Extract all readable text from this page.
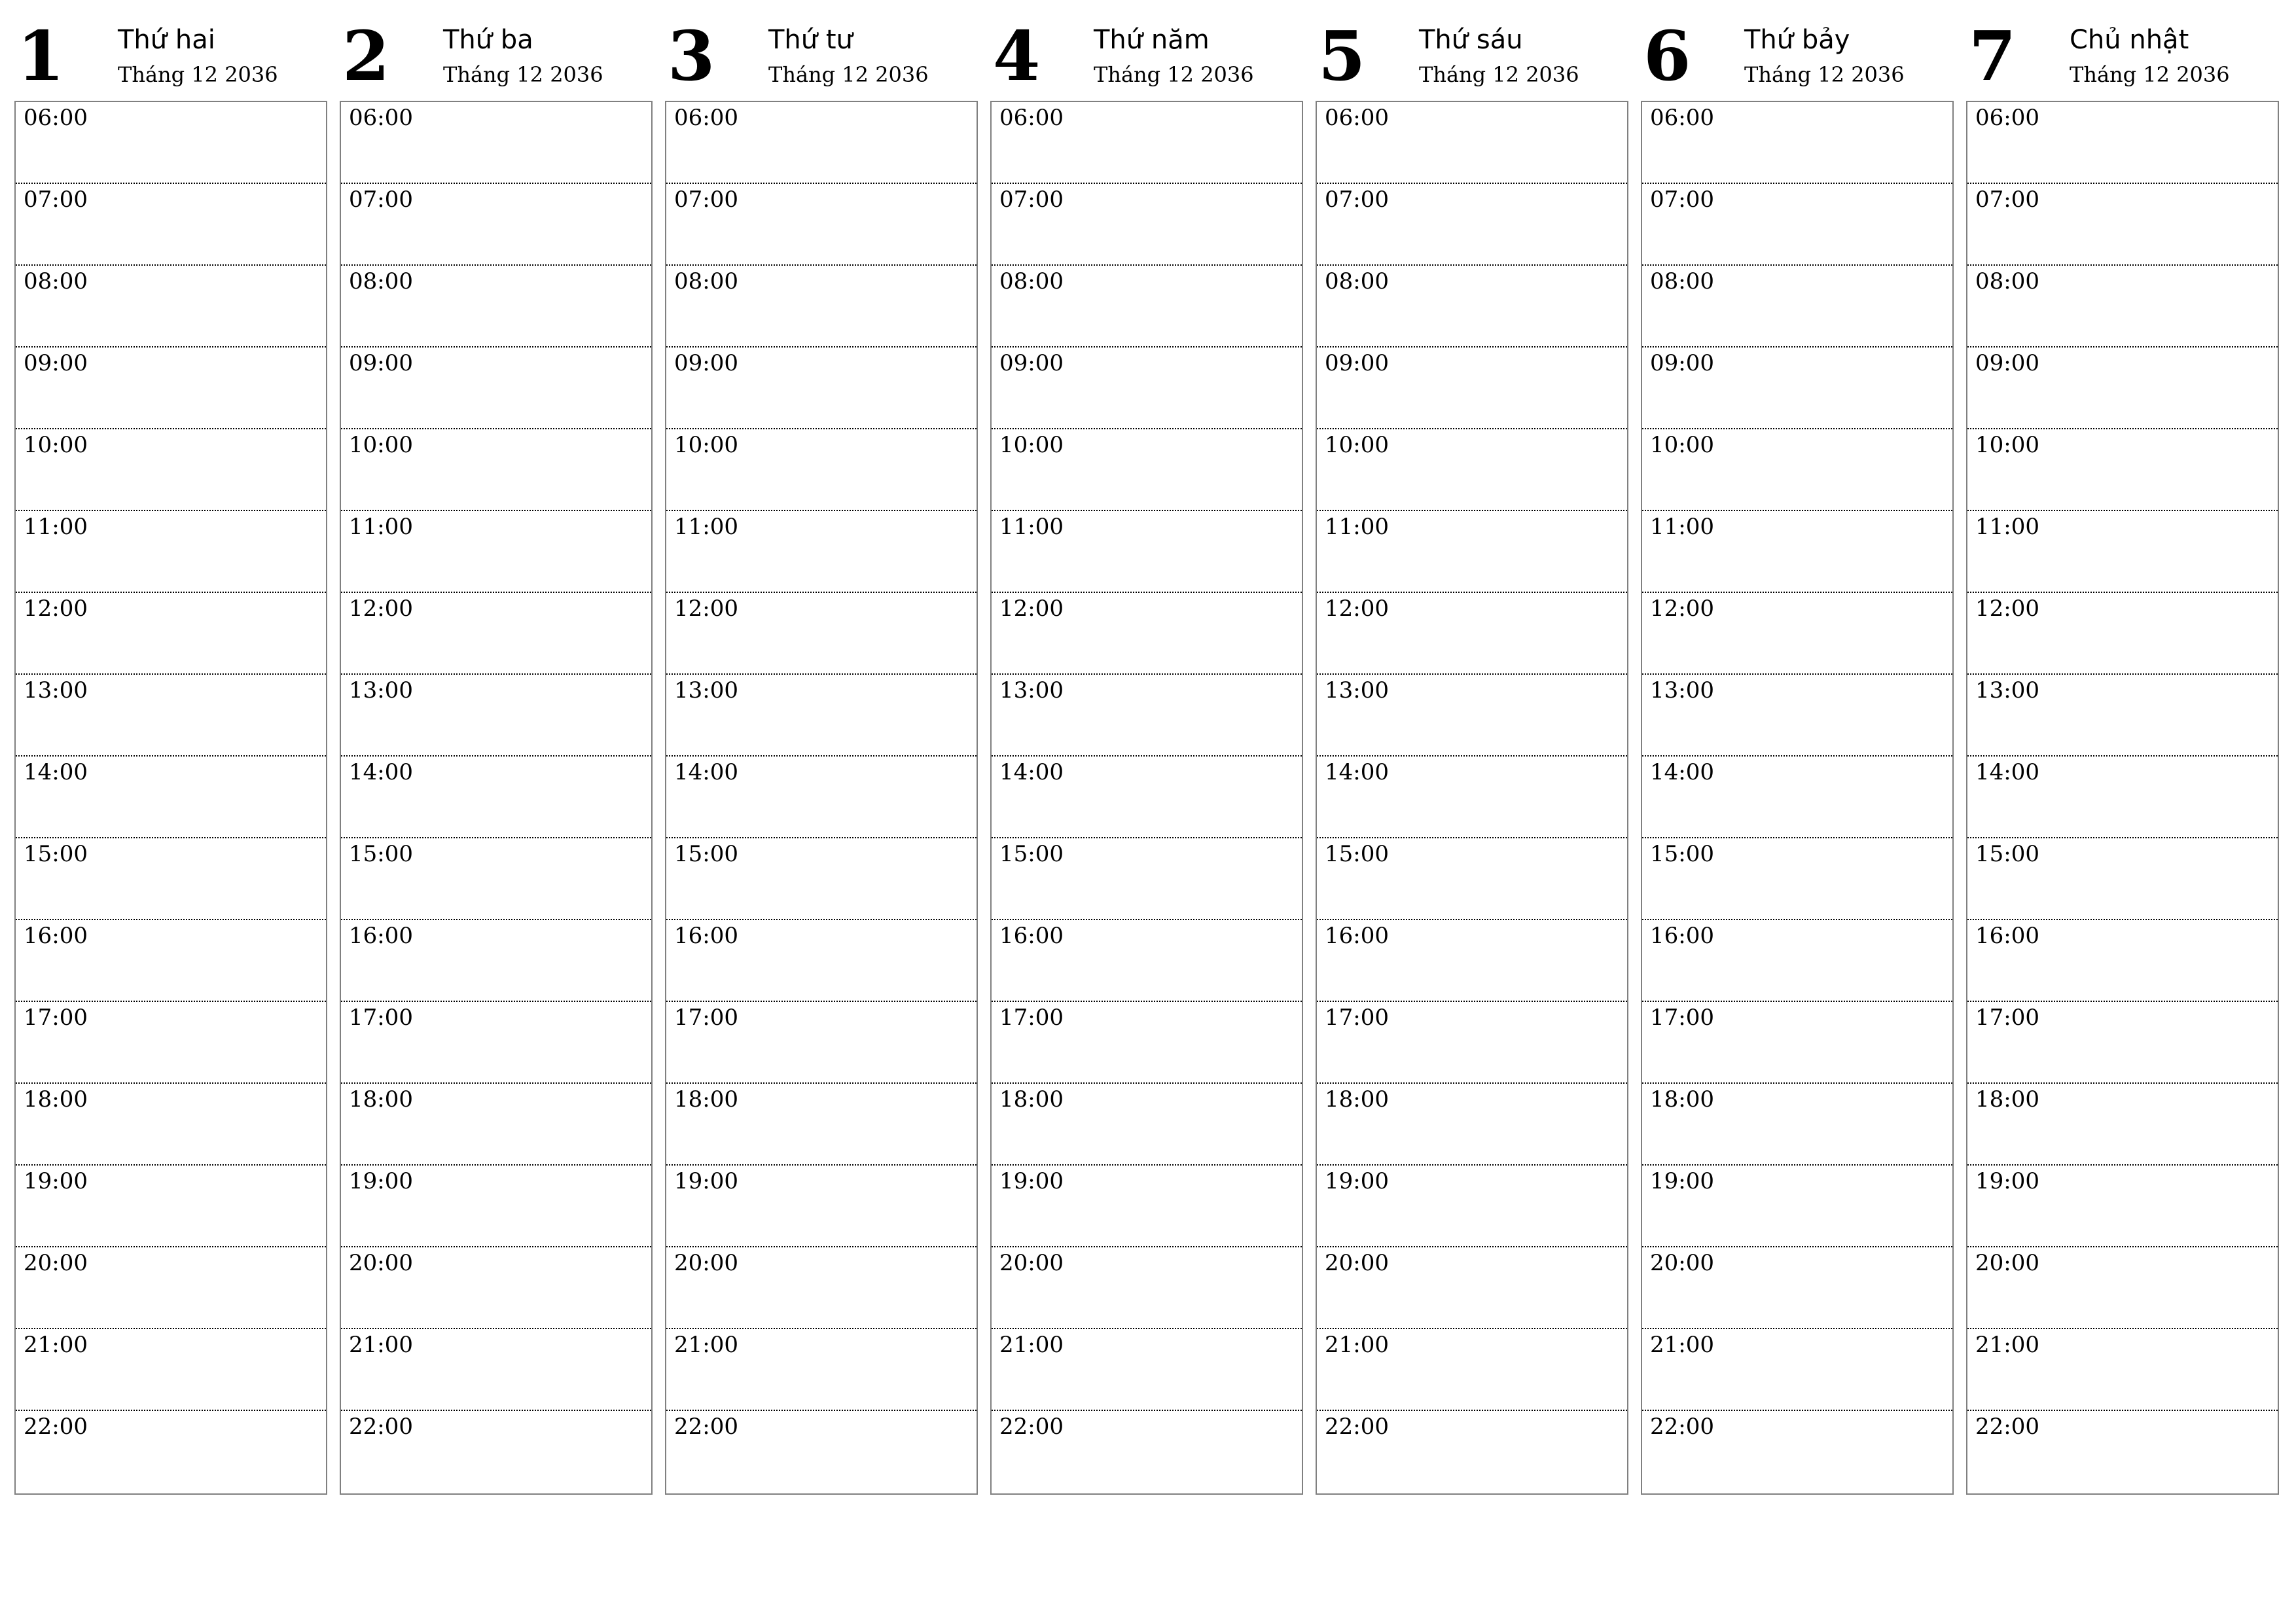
1 Thứ hai
Tháng 12 2036
06:00
07:00
08:00
09:00
10:00
11:00
12:00
13:00
14:00
15:00
16:00
17:00
18:00
19:00
20:00
21:00
22:00
2 Thứ ba
Tháng 12 2036
06:00
07:00
08:00
09:00
10:00
11:00
12:00
13:00
14:00
15:00
16:00
17:00
18:00
19:00
20:00
21:00
22:00
3 Thứ tư
Tháng 12 2036
06:00
07:00
08:00
09:00
10:00
11:00
12:00
13:00
14:00
15:00
16:00
17:00
18:00
19:00
20:00
21:00
22:00
4 Thứ năm
Tháng 12 2036
06:00
07:00
08:00
09:00
10:00
11:00
12:00
13:00
14:00
15:00
16:00
17:00
18:00
19:00
20:00
21:00
22:00
5 Thứ sáu
Tháng 12 2036
06:00
07:00
08:00
09:00
10:00
11:00
12:00
13:00
14:00
15:00
16:00
17:00
18:00
19:00
20:00
21:00
22:00
6 Thứ bảy
Tháng 12 2036
06:00
07:00
08:00
09:00
10:00
11:00
12:00
13:00
14:00
15:00
16:00
17:00
18:00
19:00
20:00
21:00
22:00
7 Chủ nhật
Tháng 12 2036
06:00
07:00
08:00
09:00
10:00
11:00
12:00
13:00
14:00
15:00
16:00
17:00
18:00
19:00
20:00
21:00
22:00
